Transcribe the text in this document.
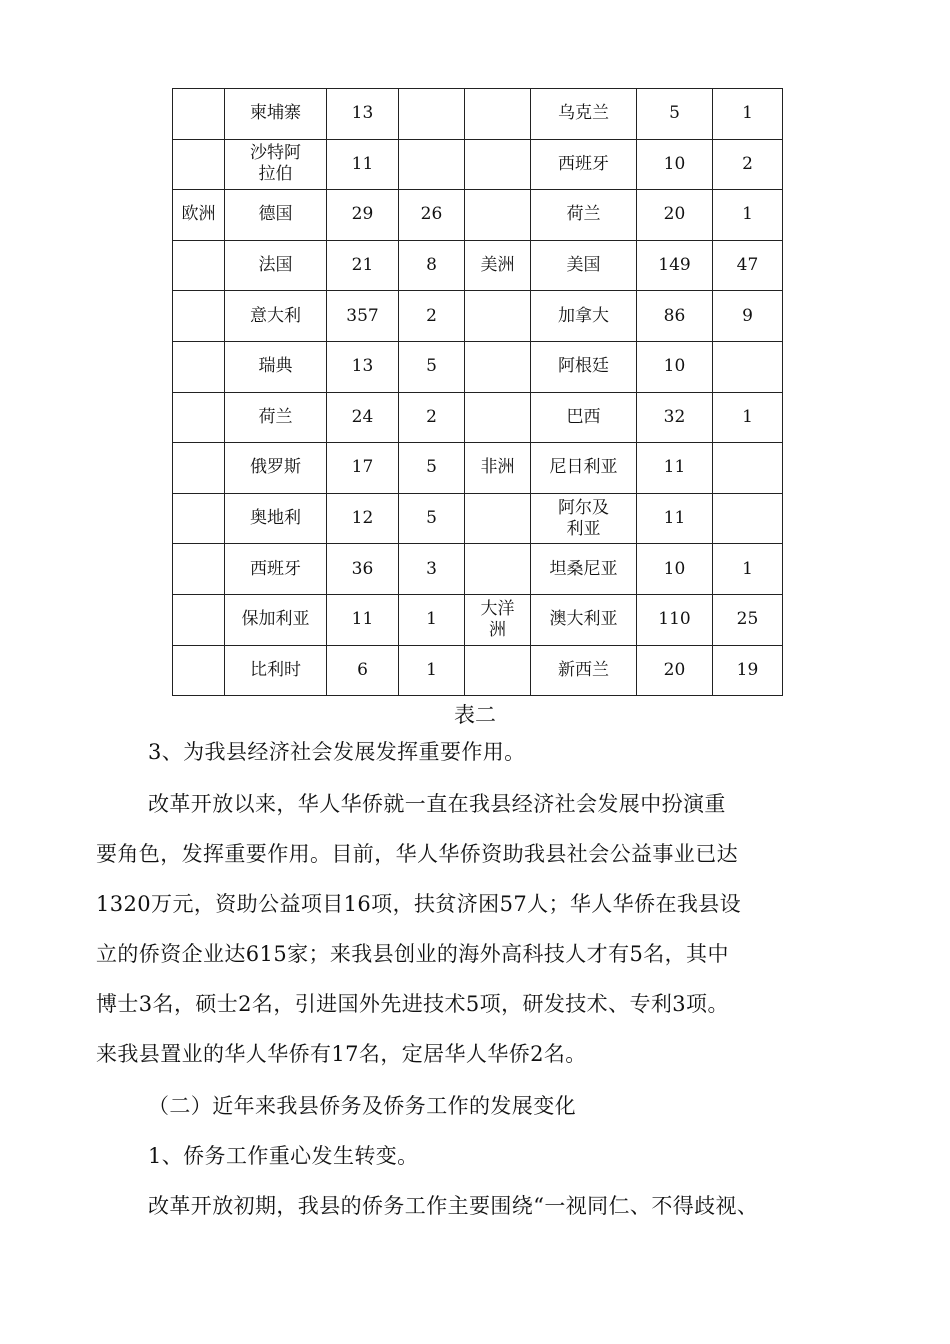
	柬埔寨	13			乌克兰	5	1

	沙特阿拉伯	11			西班牙	10	2
欧洲	德国	29	26		荷兰	20	1
	法国	21	8	美洲	美国	149	47
	意大利	357	2		加拿大	86	9
	瑞典	13	5		阿根廷	10	
	荷兰	24	2		巴西	32	1
	俄罗斯	17	5	非洲	尼日利亚	11	
	奥地利	12	5		阿尔及利亚	11	
	西班牙	36	3		坦桑尼亚	10	1
	保加利亚	11	1	大洋洲	澳大利亚	110	25
	比利时	6	1		新西兰	20	19
表二
3、为我县经济社会发展发挥重要作用。
改革开放以来，华人华侨就一直在我县经济社会发展中扮演重
要角色，发挥重要作用。目前，华人华侨资助我县社会公益事业已达
1320万元，资助公益项目16项，扶贫济困57人；华人华侨在我县设
立的侨资企业达615家；来我县创业的海外高科技人才有5名，其中
博士3名，硕士2名，引进国外先进技术5项，研发技术、专利3项。
来我县置业的华人华侨有17名，定居华人华侨2名。
（二）近年来我县侨务及侨务工作的发展变化
1、侨务工作重心发生转变。
改革开放初期，我县的侨务工作主要围绕“一视同仁、不得歧视、
